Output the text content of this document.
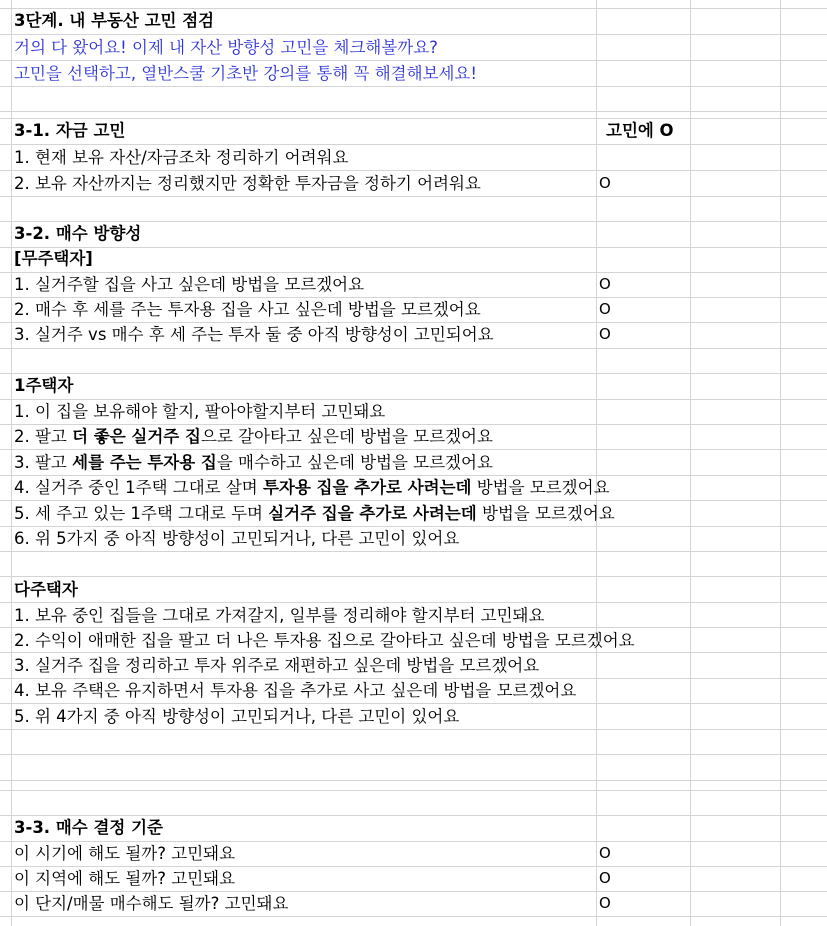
3단계. 내 부동산 고민 점검
거의 다 왔어요! 이제 내 자산 방향성 고민을 체크해볼까요?
고민을 선택하고, 열반스쿨 기초반 강의를 통해 꼭 해결해보세요!
3-1. 자금 고민	고민에 O
1. 현재 보유 자산/자금조차 정리하기 어려워요
2. 보유 자산까지는 정리했지만 정확한 투자금을 정하기 어려워요	O
3-2. 매수 방향성
[무주택자]
1. 실거주할 집을 사고 싶은데 방법을 모르겠어요	O
2. 매수 후 세를 주는 투자용 집을 사고 싶은데 방법을 모르겠어요	O
3. 실거주 vs 매수 후 세 주는 투자 둘 중 아직 방향성이 고민되어요	O
1주택자
1. 이 집을 보유해야 할지, 팔아야할지부터 고민돼요
2. 팔고 더 좋은 실거주 집으로 갈아타고 싶은데 방법을 모르겠어요
3. 팔고 세를 주는 투자용 집을 매수하고 싶은데 방법을 모르겠어요
4. 실거주 중인 1주택 그대로 살며 투자용 집을 추가로 사려는데 방법을 모르겠어요
5. 세 주고 있는 1주택 그대로 두며 실거주 집을 추가로 사려는데 방법을 모르겠어요
6. 위 5가지 중 아직 방향성이 고민되거나, 다른 고민이 있어요
다주택자
1. 보유 중인 집들을 그대로 가져갈지, 일부를 정리해야 할지부터 고민돼요
2. 수익이 애매한 집을 팔고 더 나은 투자용 집으로 갈아타고 싶은데 방법을 모르겠어요
3. 실거주 집을 정리하고 투자 위주로 재편하고 싶은데 방법을 모르겠어요
4. 보유 주택은 유지하면서 투자용 집을 추가로 사고 싶은데 방법을 모르겠어요
5. 위 4가지 중 아직 방향성이 고민되거나, 다른 고민이 있어요
3-3. 매수 결정 기준
이 시기에 해도 될까? 고민돼요	O
이 지역에 해도 될까? 고민돼요	O
이 단지/매물 매수해도 될까? 고민돼요	O
